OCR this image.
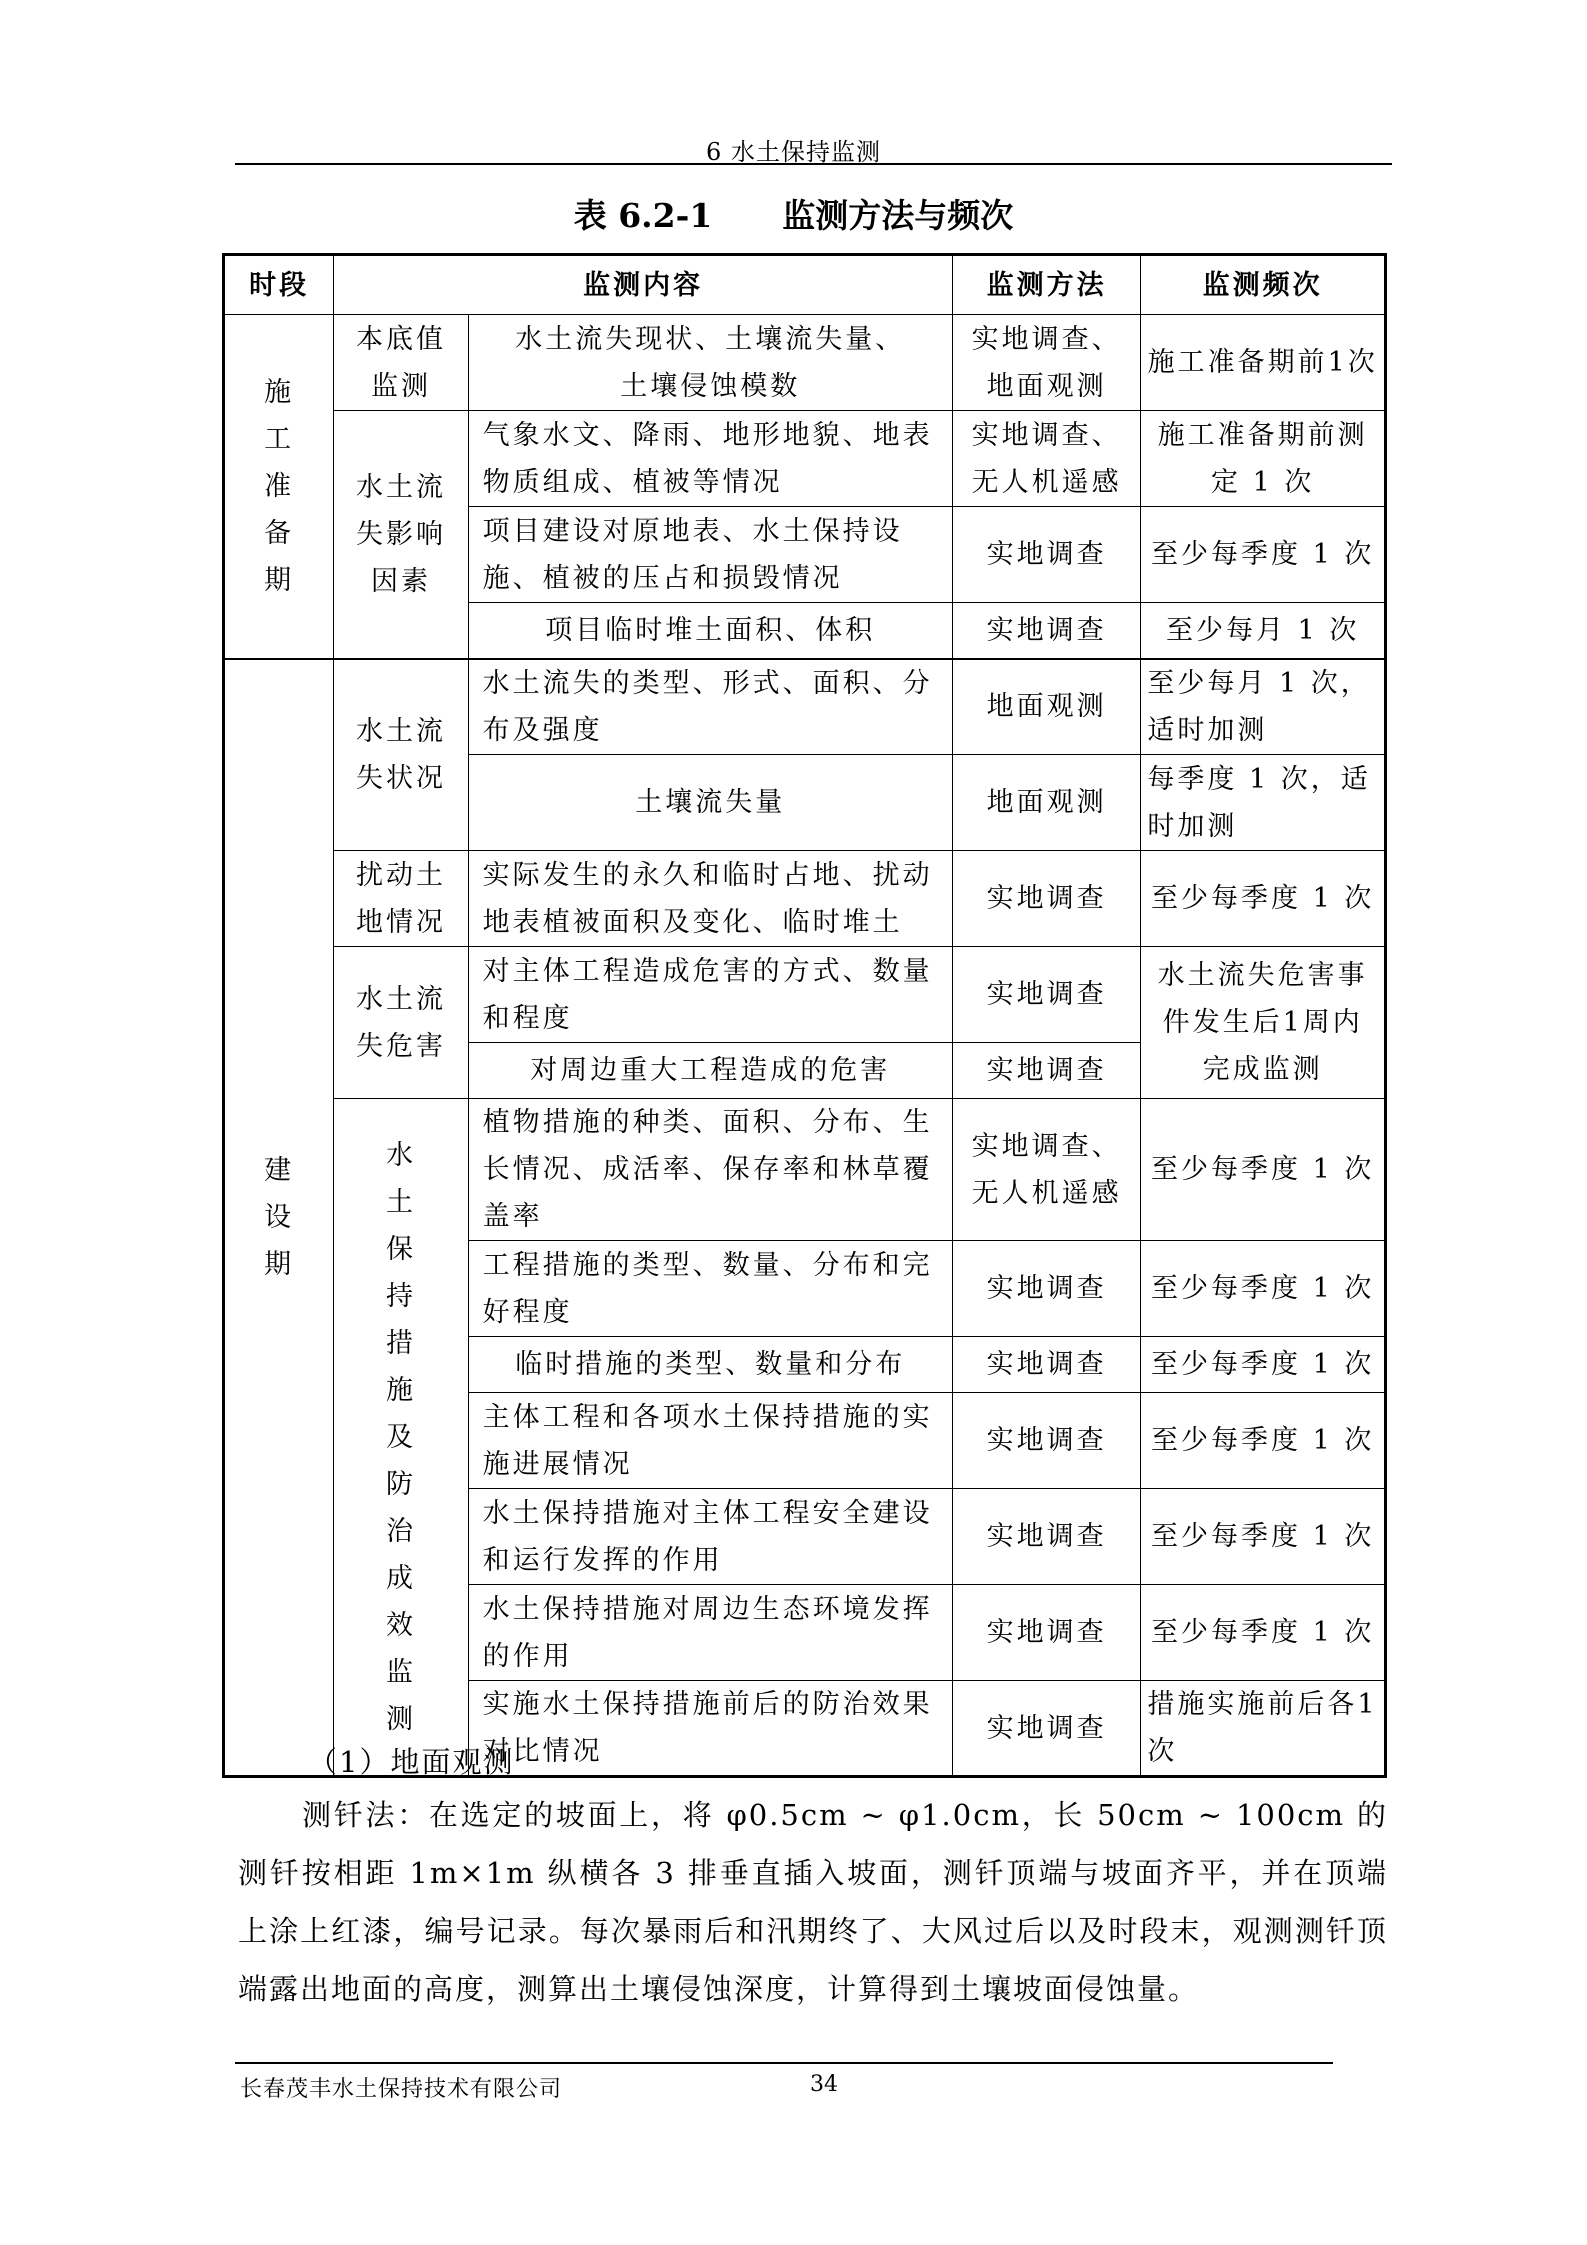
6 水土保持监测
表 6.2-1 监测方法与频次
时段	监测内容		监测方法	监测频次
施工准备期	本底值监测	水土流失现状、土壤流失量、土壤侵蚀模数	实地调查、地面观测	施工准备期前1次
	水土流失影响因素	气象水文、降雨、地形地貌、地表物质组成、植被等情况	实地调查、无人机遥感	施工准备期前测定 1 次
		项目建设对原地表、水土保持设施、植被的压占和损毁情况	实地调查	至少每季度 1 次
		项目临时堆土面积、体积	实地调查	至少每月 1 次
建设期	水土流失状况	水土流失的类型、形式、面积、分布及强度	地面观测	至少每月 1 次，适时加测
		土壤流失量	地面观测	每季度 1 次，适时加测
	扰动土地情况	实际发生的永久和临时占地、扰动地表植被面积及变化、临时堆土	实地调查	至少每季度 1 次
	水土流失危害	对主体工程造成危害的方式、数量和程度	实地调查	水土流失危害事件发生后1周内完成监测
		对周边重大工程造成的危害	实地调查	
	水土保持措施及防治成效监测	植物措施的种类、面积、分布、生长情况、成活率、保存率和林草覆盖率	实地调查、无人机遥感	至少每季度 1 次
		工程措施的类型、数量、分布和完好程度	实地调查	至少每季度 1 次
		临时措施的类型、数量和分布	实地调查	至少每季度 1 次
		主体工程和各项水土保持措施的实施进展情况	实地调查	至少每季度 1 次
		水土保持措施对主体工程安全建设和运行发挥的作用	实地调查	至少每季度 1 次
		水土保持措施对周边生态环境发挥的作用	实地调查	至少每季度 1 次
		实施水土保持措施前后的防治效果对比情况	实地调查	措施实施前后各1次
（1）地面观测
测钎法：在选定的坡面上，将 φ0.5cm ~ φ1.0cm，长 50cm ~ 100cm 的测钎按相距 1m×1m 纵横各 3 排垂直插入坡面，测钎顶端与坡面齐平，并在顶端上涂上红漆，编号记录。每次暴雨后和汛期终了、大风过后以及时段末，观测测钎顶端露出地面的高度，测算出土壤侵蚀深度，计算得到土壤坡面侵蚀量。
长春茂丰水土保持技术有限公司	34
